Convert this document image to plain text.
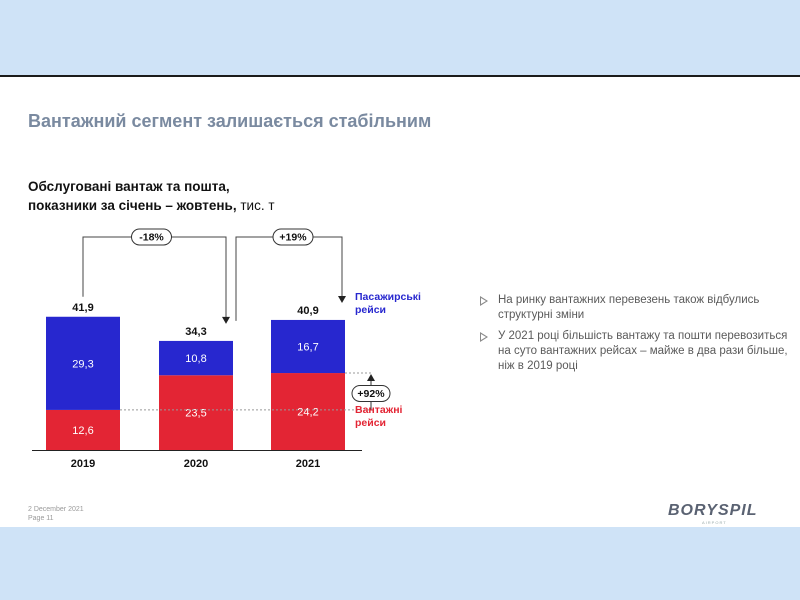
Вантажний сегмент залишається стабільним
Обслуговані вантаж та пошта,
показники за січень – жовтень, тис. т
12,6
29,3
41,9
2019
23,5
10,8
34,3
2020
24,2
16,7
40,9
2021
-18%	+19%
+92%
Пасажирські рейси
Вантажні рейси
На ринку вантажних перевезень також відбулись структурні зміни
У 2021 році більшість вантажу та пошти перевозиться на суто вантажних рейсах – майже в два рази більше, ніж в 2019 році
2 December 2021
Page 11	BORYSPIL
AIRPORT
